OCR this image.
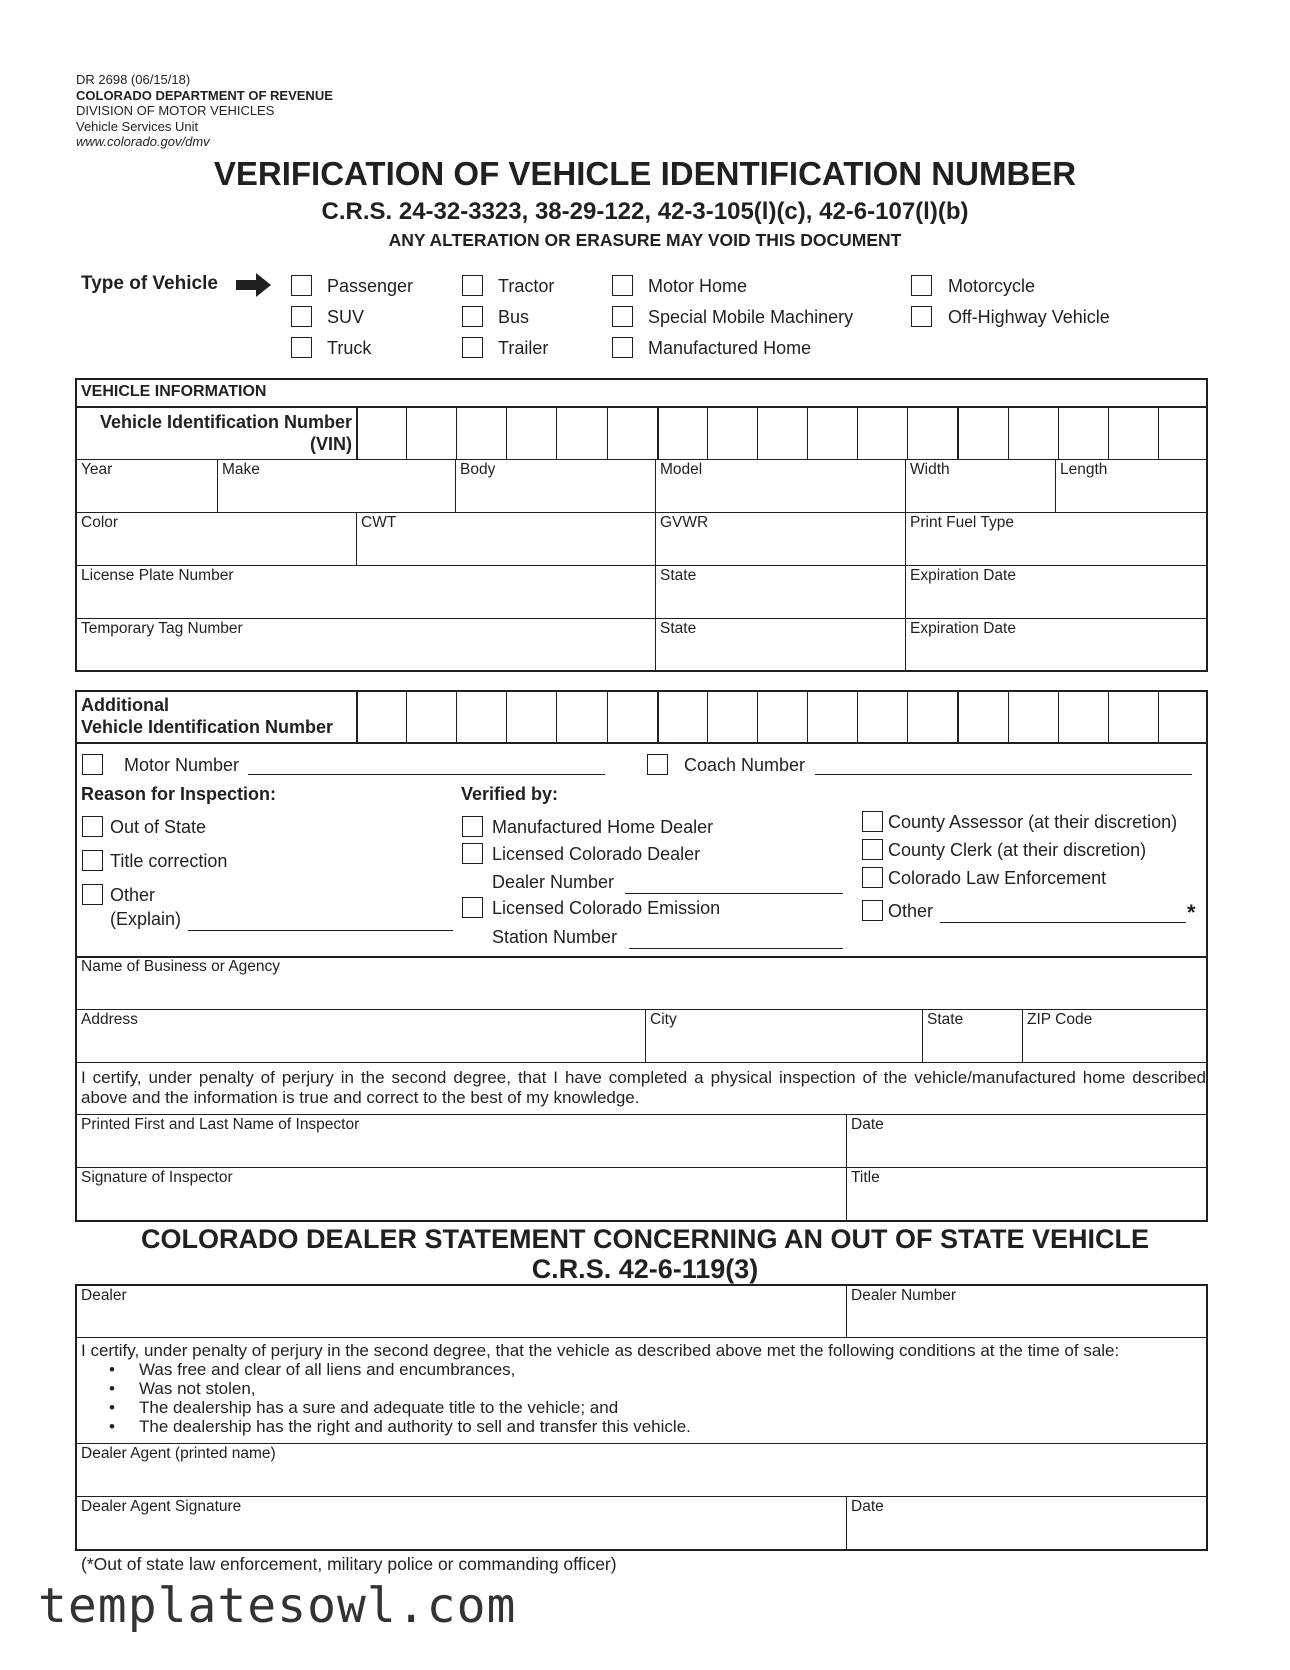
DR 2698 (06/15/18)
COLORADO DEPARTMENT OF REVENUE
DIVISION OF MOTOR VEHICLES
Vehicle Services Unit
www.colorado.gov/dmv
VERIFICATION OF VEHICLE IDENTIFICATION NUMBER
C.R.S. 24-32-3323, 38-29-122, 42-3-105(l)(c), 42-6-107(l)(b)
ANY ALTERATION OR ERASURE MAY VOID THIS DOCUMENT
Type of Vehicle	Passenger
SUV
Truck
Tractor
Bus
Trailer
Motor Home
Special Mobile Machinery
Manufactured Home
Motorcycle
Off-Highway Vehicle
VEHICLE INFORMATION
Vehicle Identification Number
(VIN)
Year	Make	Body	Model	Width	Length
Color	CWT	GVWR	Print Fuel Type
License Plate Number	State	Expiration Date
Temporary Tag Number	State	Expiration Date
Additional
Vehicle Identification Number
Motor Number	Coach Number
Reason for Inspection:
Out of State
Title correction
Other
(Explain)
Verified by:
Manufactured Home Dealer
Licensed Colorado Dealer
Dealer Number
Licensed Colorado Emission
Station Number
County Assessor (at their discretion)
County Clerk (at their discretion)
Colorado Law Enforcement
Other	*
Name of Business or Agency
Address	City	State	ZIP Code
I certify, under penalty of perjury in the second degree, that I have completed a physical inspection of the vehicle/manufactured home described above and the information is true and correct to the best of my knowledge.
Printed First and Last Name of Inspector	Date
Signature of Inspector	Title
COLORADO DEALER STATEMENT CONCERNING AN OUT OF STATE VEHICLE
C.R.S. 42-6-119(3)
Dealer	Dealer Number
I certify, under penalty of perjury in the second degree, that the vehicle as described above met the following conditions at the time of sale:
• Was free and clear of all liens and encumbrances,
• Was not stolen,
• The dealership has a sure and adequate title to the vehicle; and
• The dealership has the right and authority to sell and transfer this vehicle.
Dealer Agent (printed name)
Dealer Agent Signature	Date
(*Out of state law enforcement, military police or commanding officer)
templatesowl.com
